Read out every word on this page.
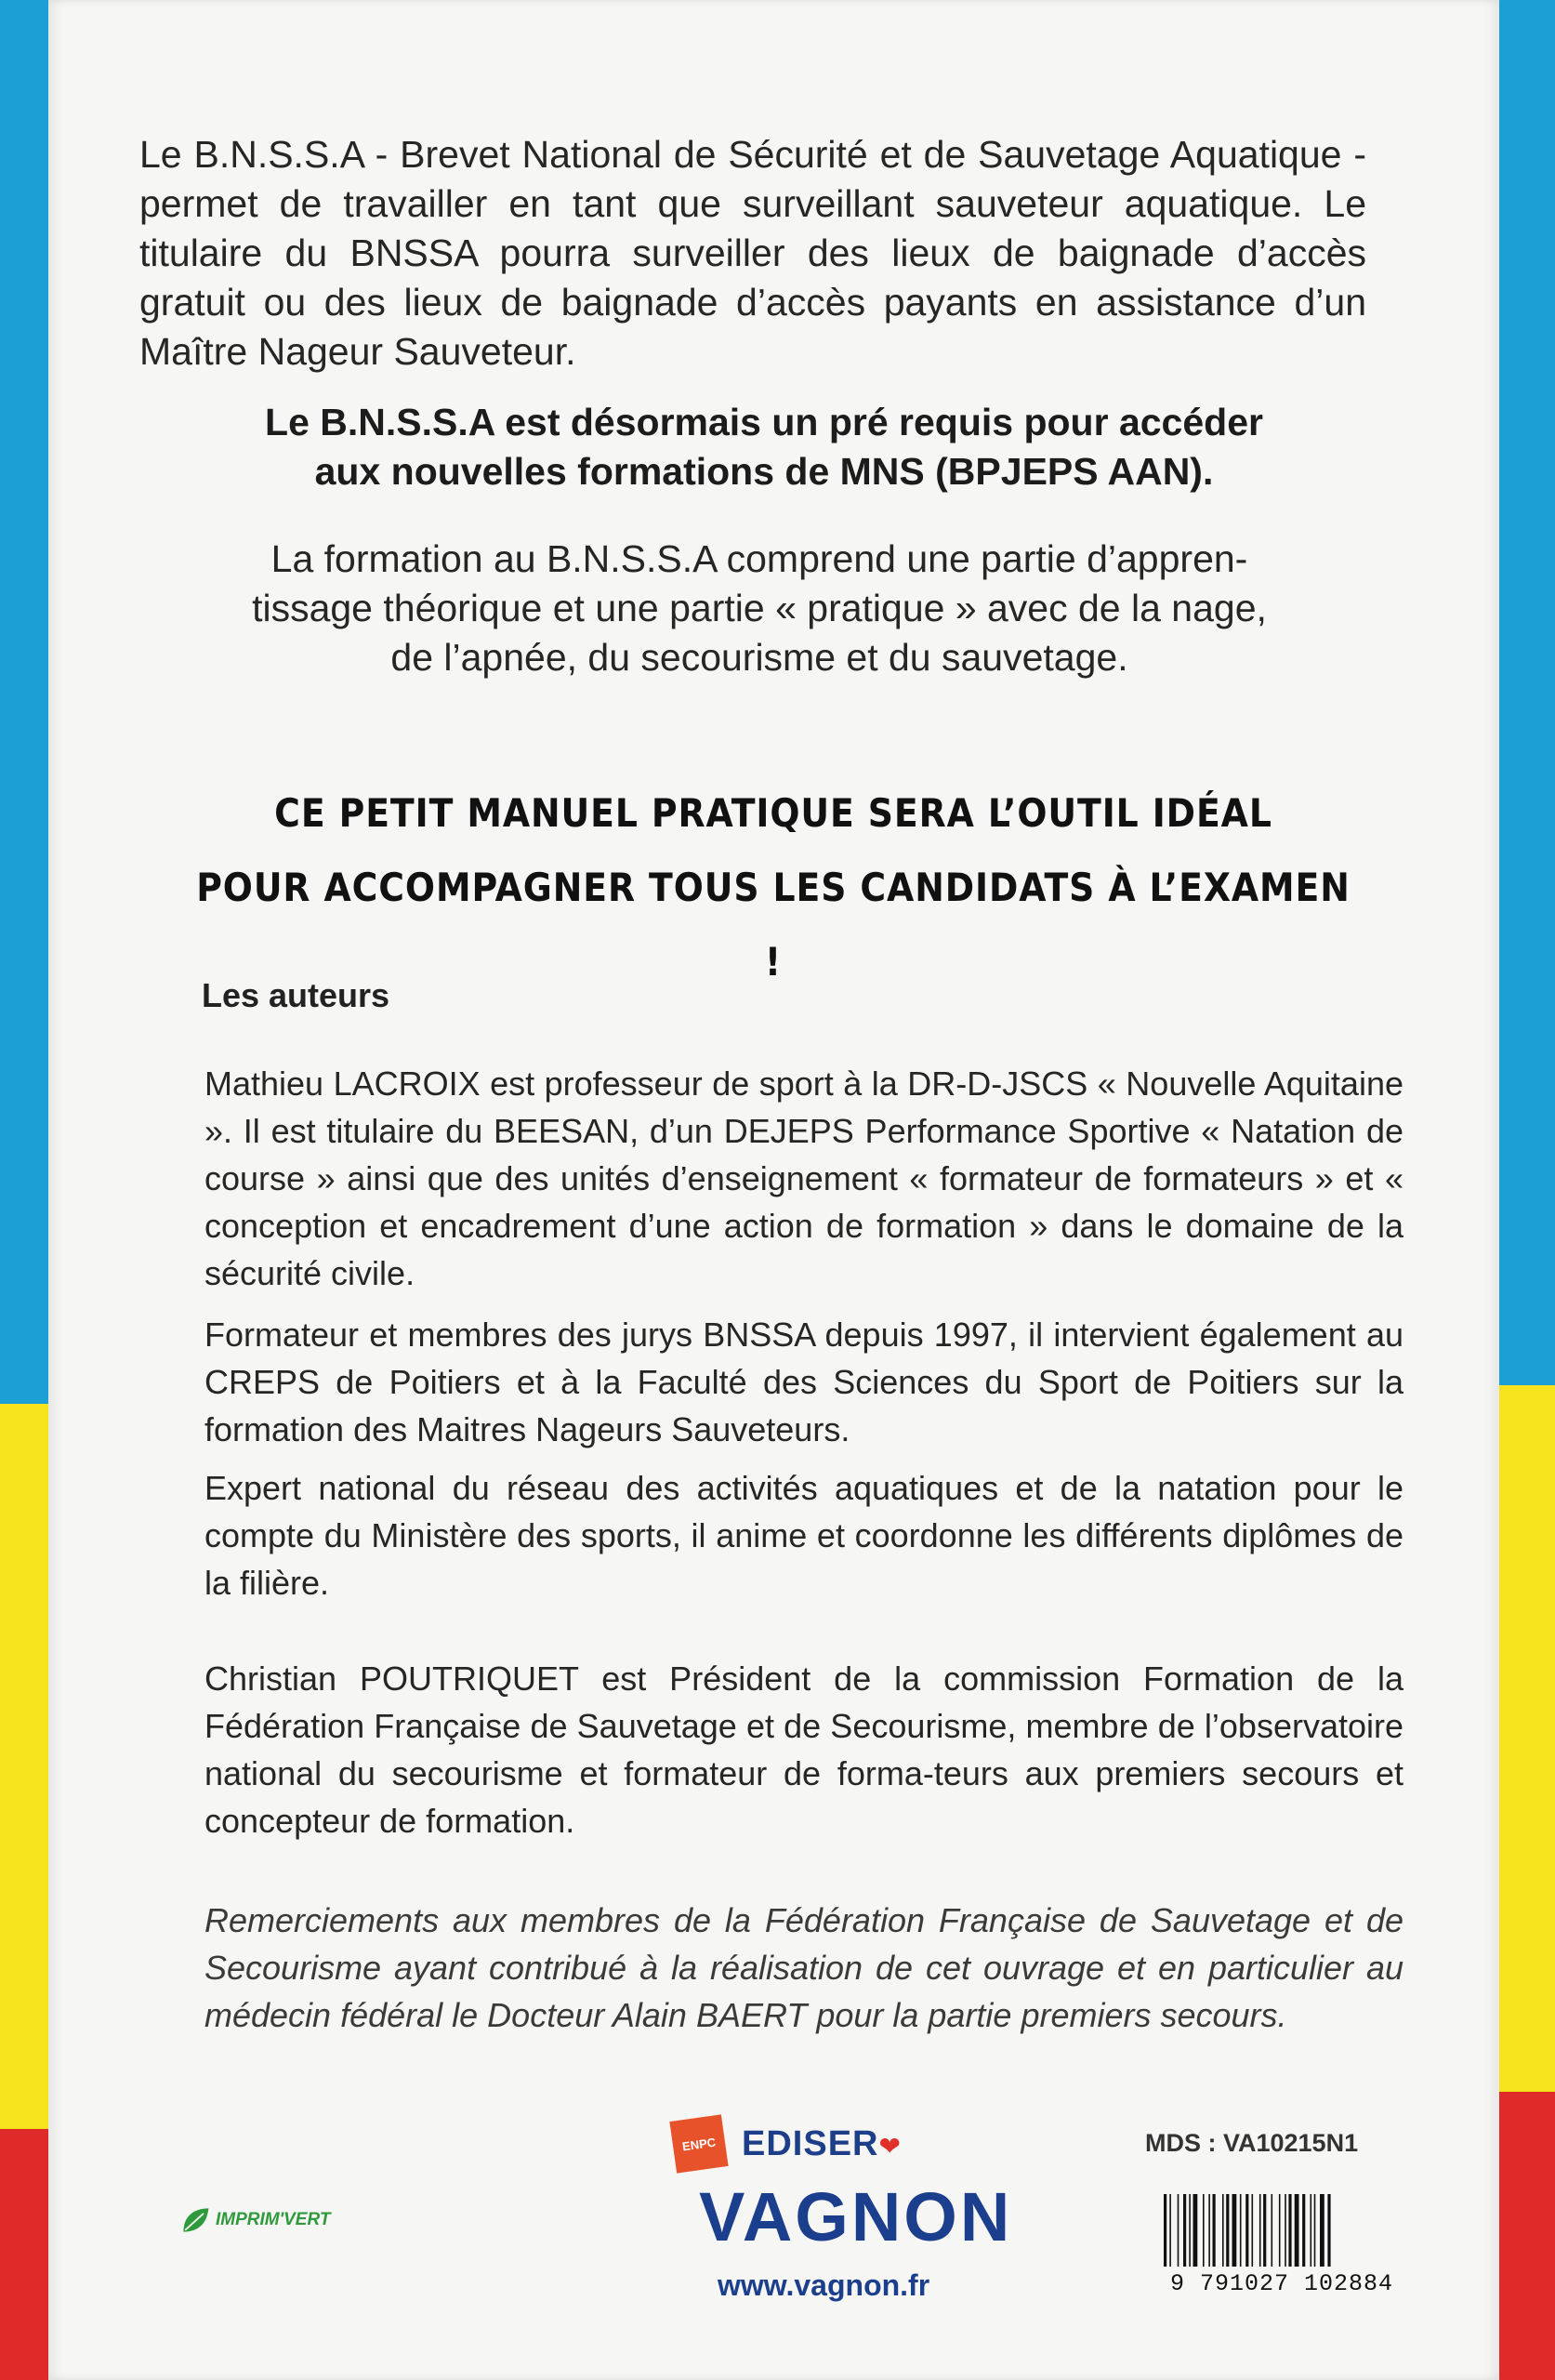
Le B.N.S.S.A - Brevet National de Sécurité et de Sauvetage Aquatique - permet de travailler en tant que surveillant sauveteur aquatique. Le titulaire du BNSSA pourra surveiller des lieux de baignade d’accès gratuit ou des lieux de baignade d’accès payants en assistance d’un Maître Nageur Sauveteur.
Le B.N.S.S.A est désormais un pré requis pour accéder
aux nouvelles formations de MNS (BPJEPS AAN).
La formation au B.N.S.S.A comprend une partie d’appren-
tissage théorique et une partie « pratique » avec de la nage,
de l’apnée, du secourisme et du sauvetage.
CE PETIT MANUEL PRATIQUE SERA L’OUTIL IDÉAL
POUR ACCOMPAGNER TOUS LES CANDIDATS À L’EXAMEN !
Les auteurs
Mathieu LACROIX est professeur de sport à la DR-D-JSCS « Nouvelle Aquitaine ». Il est titulaire du BEESAN, d’un DEJEPS Performance Sportive « Natation de course » ainsi que des unités d’enseignement « formateur de formateurs » et « conception et encadrement d’une action de formation » dans le domaine de la sécurité civile.
Formateur et membres des jurys BNSSA depuis 1997, il intervient également au CREPS de Poitiers et à la Faculté des Sciences du Sport de Poitiers sur la formation des Maitres Nageurs Sauveteurs.
Expert national du réseau des activités aquatiques et de la natation pour le compte du Ministère des sports, il anime et coordonne les différents diplômes de la filière.
Christian POUTRIQUET est Président de la commission Formation de la Fédération Française de Sauvetage et de Secourisme, membre de l’observatoire national du secourisme et formateur de forma-teurs aux premiers secours et concepteur de formation.
Remerciements aux membres de la Fédération Française de Sauvetage et de Secourisme ayant contribué à la réalisation de cet ouvrage et en particulier au médecin fédéral le Docteur Alain BAERT pour la partie premiers secours.
IMPRIM'VERT
ENPC EDISER❤
VAGNON
www.vagnon.fr
MDS : VA10215N1
9 791027 102884
